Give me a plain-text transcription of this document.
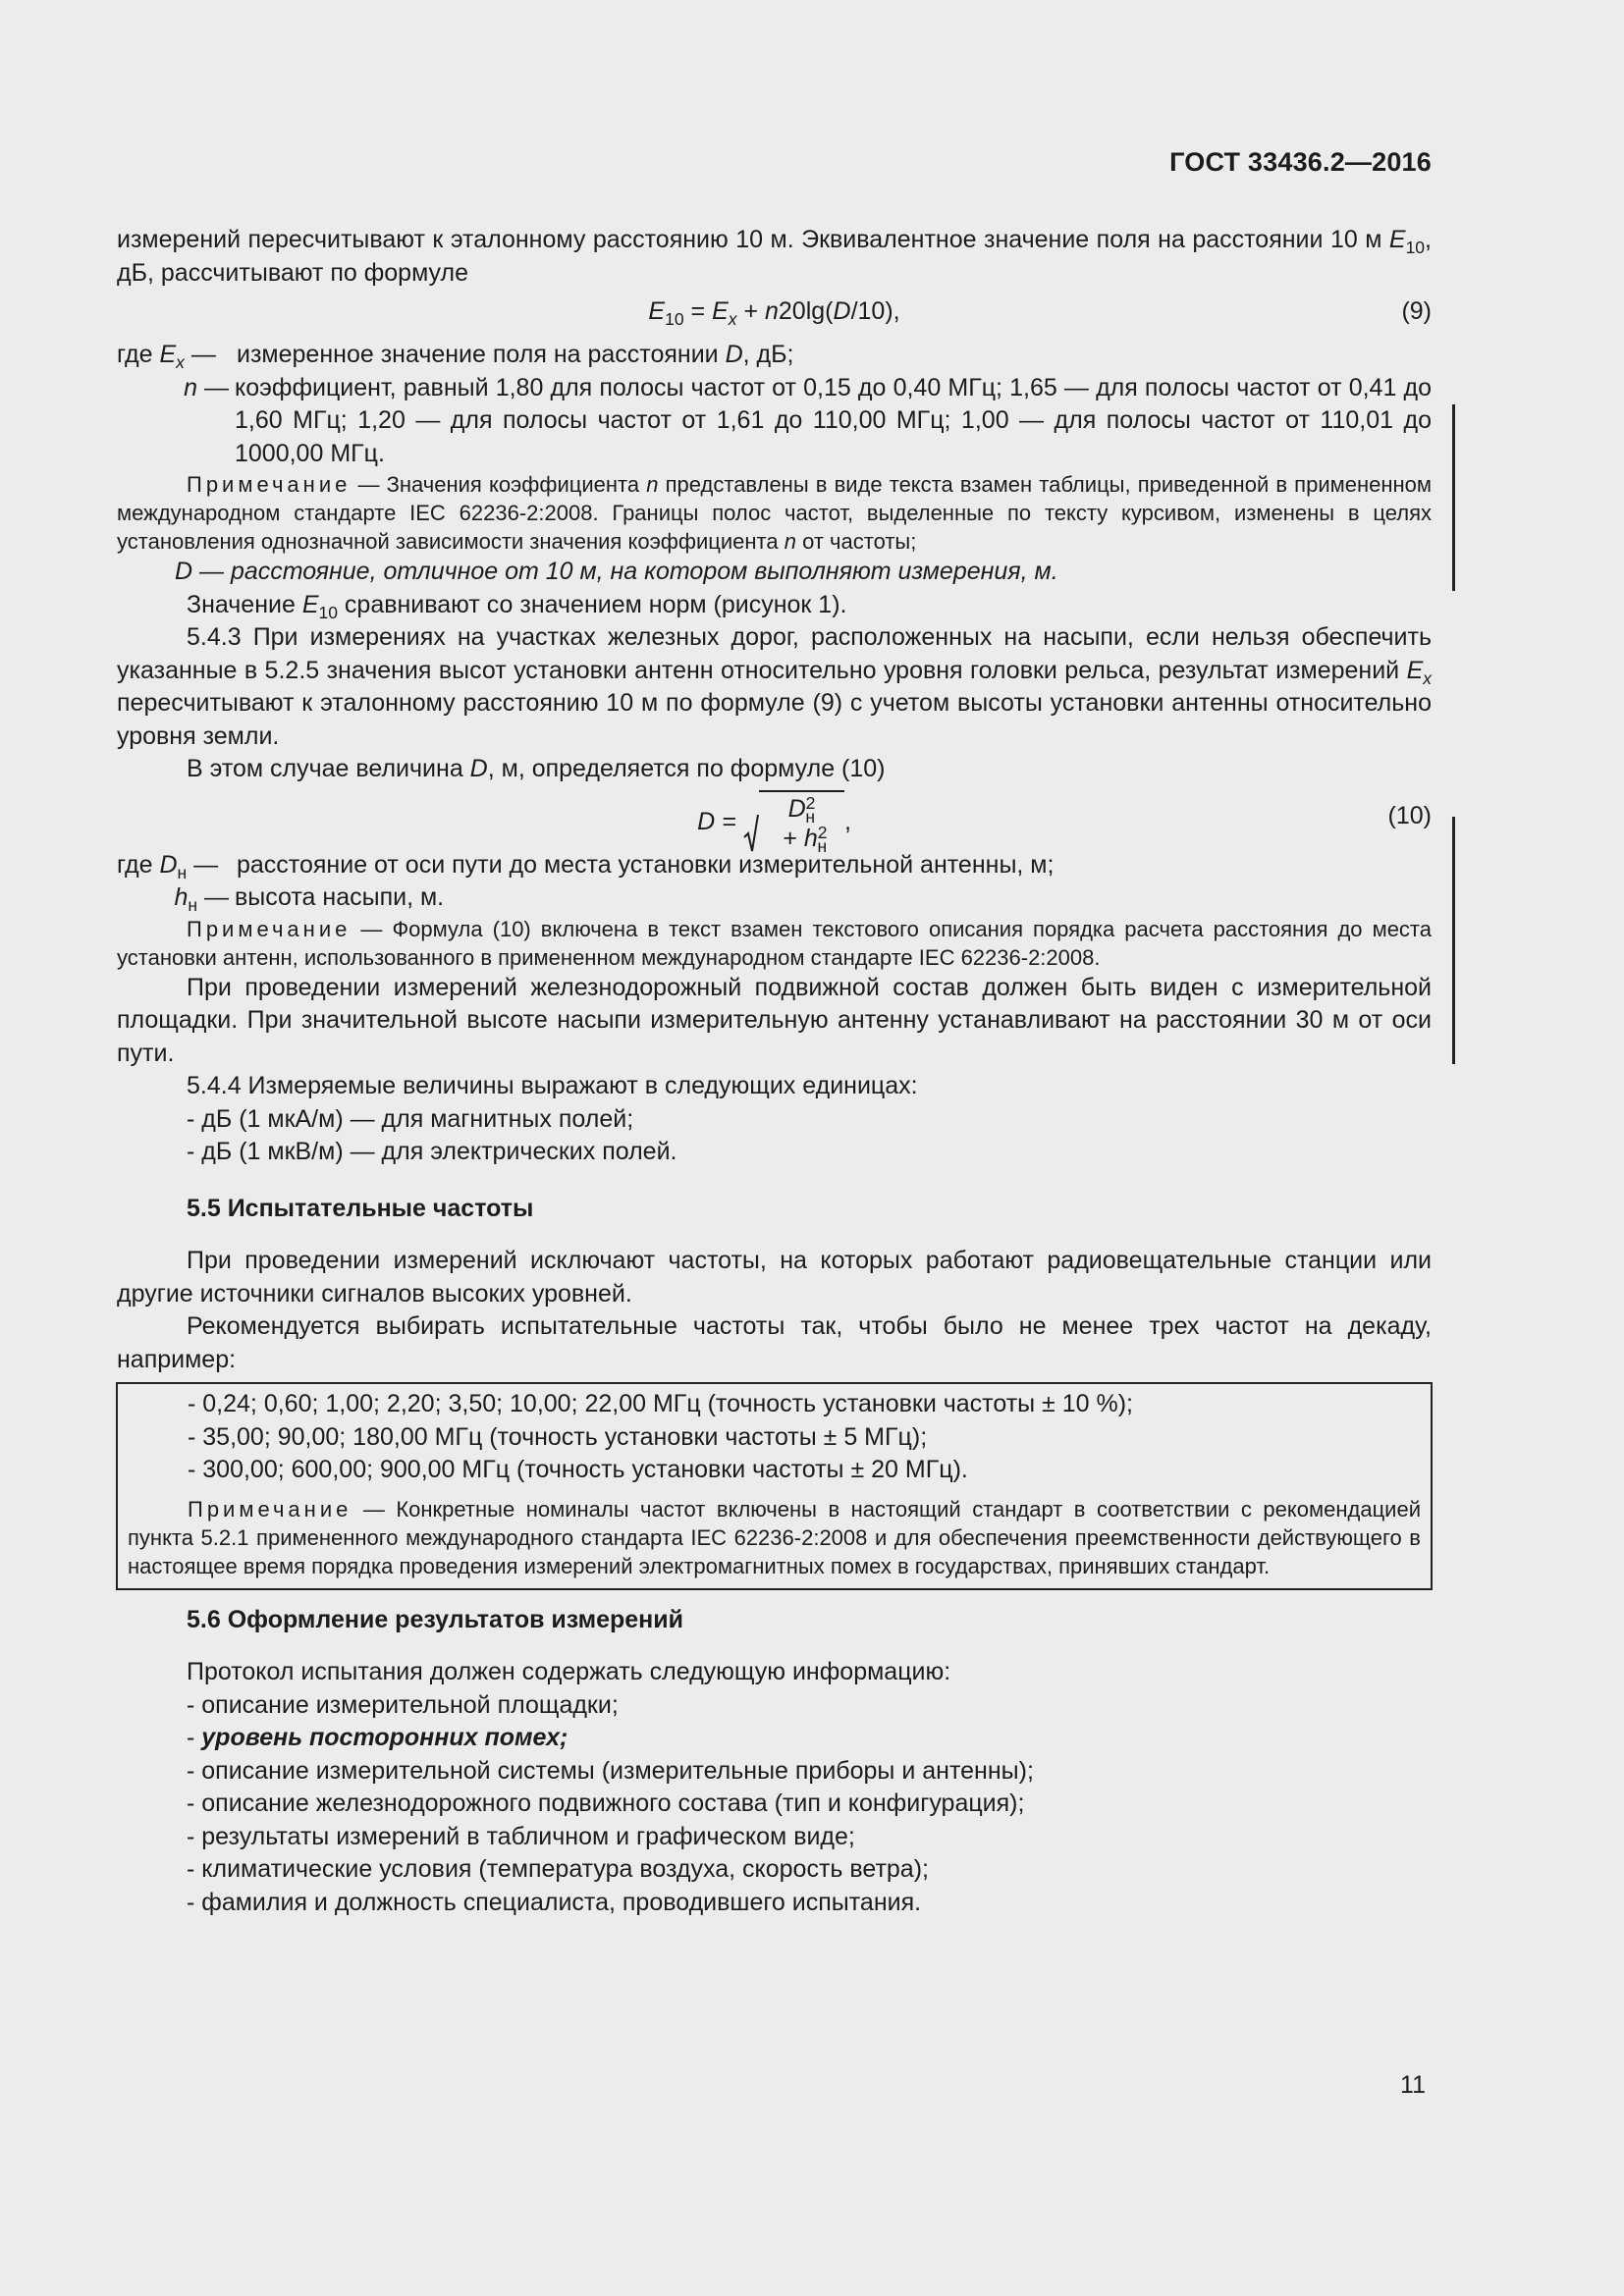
ГОСТ 33436.2—2016

измерений пересчитывают к эталонному расстоянию 10 м. Эквивалентное значение поля на расстоянии 10 м $E_{10}$, дБ, рассчитывают по формуле

$E_{10} = E_x + n20\lg(D/10)$,	(9)
где $E_x$ — измеренное значение поля на расстоянии D, дБ;
n — коэффициент, равный 1,80 для полосы частот от 0,15 до 0,40 МГц; 1,65 — для полосы частот от 0,41 до 1,60 МГц; 1,20 — для полосы частот от 1,61 до 110,00 МГц; 1,00 — для полосы частот от 110,01 до 1000,00 МГц.

Примечание — Значения коэффициента n представлены в виде текста взамен таблицы, приведенной в примененном международном стандарте IEC 62236-2:2008. Границы полос частот, выделенные по тексту курсивом, изменены в целях установления однозначной зависимости значения коэффициента n от частоты;

D — расстояние, отличное от 10 м, на котором выполняют измерения, м.

Значение $E_{10}$ сравнивают со значением норм (рисунок 1).

5.4.3 При измерениях на участках железных дорог, расположенных на насыпи, если нельзя обеспечить указанные в 5.2.5 значения высот установки антенн относительно уровня головки рельса, результат измерений $E_x$ пересчитывают к эталонному расстоянию 10 м по формуле (9) с учетом высоты установки антенны относительно уровня земли.

В этом случае величина D, м, определяется по формуле (10)

D =	$D^2_н + h^2_н$
,	(10)
где $D_н$ — расстояние от оси пути до места установки измерительной антенны, м;
$h_н$ — высота насыпи, м.

Примечание — Формула (10) включена в текст взамен текстового описания порядка расчета расстояния до места установки антенн, использованного в примененном международном стандарте IEC 62236-2:2008.

При проведении измерений железнодорожный подвижной состав должен быть виден с измерительной площадки. При значительной высоте насыпи измерительную антенну устанавливают на расстоянии 30 м от оси пути.

5.4.4 Измеряемые величины выражают в следующих единицах:

- дБ (1 мкА/м) — для магнитных полей;

- дБ (1 мкВ/м) — для электрических полей.

5.5 Испытательные частоты

При проведении измерений исключают частоты, на которых работают радиовещательные станции или другие источники сигналов высоких уровней.

Рекомендуется выбирать испытательные частоты так, чтобы было не менее трех частот на декаду, например:

- 0,24; 0,60; 1,00; 2,20; 3,50; 10,00; 22,00 МГц (точность установки частоты ± 10 %);

- 35,00; 90,00; 180,00 МГц (точность установки частоты ± 5 МГц);

- 300,00; 600,00; 900,00 МГц (точность установки частоты ± 20 МГц).

Примечание — Конкретные номиналы частот включены в настоящий стандарт в соответствии с рекомендацией пункта 5.2.1 примененного международного стандарта IEC 62236-2:2008 и для обеспечения преемственности действующего в настоящее время порядка проведения измерений электромагнитных помех в государствах, принявших стандарт.

5.6 Оформление результатов измерений

Протокол испытания должен содержать следующую информацию:

- описание измерительной площадки;

- уровень посторонних помех;

- описание измерительной системы (измерительные приборы и антенны);

- описание железнодорожного подвижного состава (тип и конфигурация);

- результаты измерений в табличном и графическом виде;

- климатические условия (температура воздуха, скорость ветра);

- фамилия и должность специалиста, проводившего испытания.

11
